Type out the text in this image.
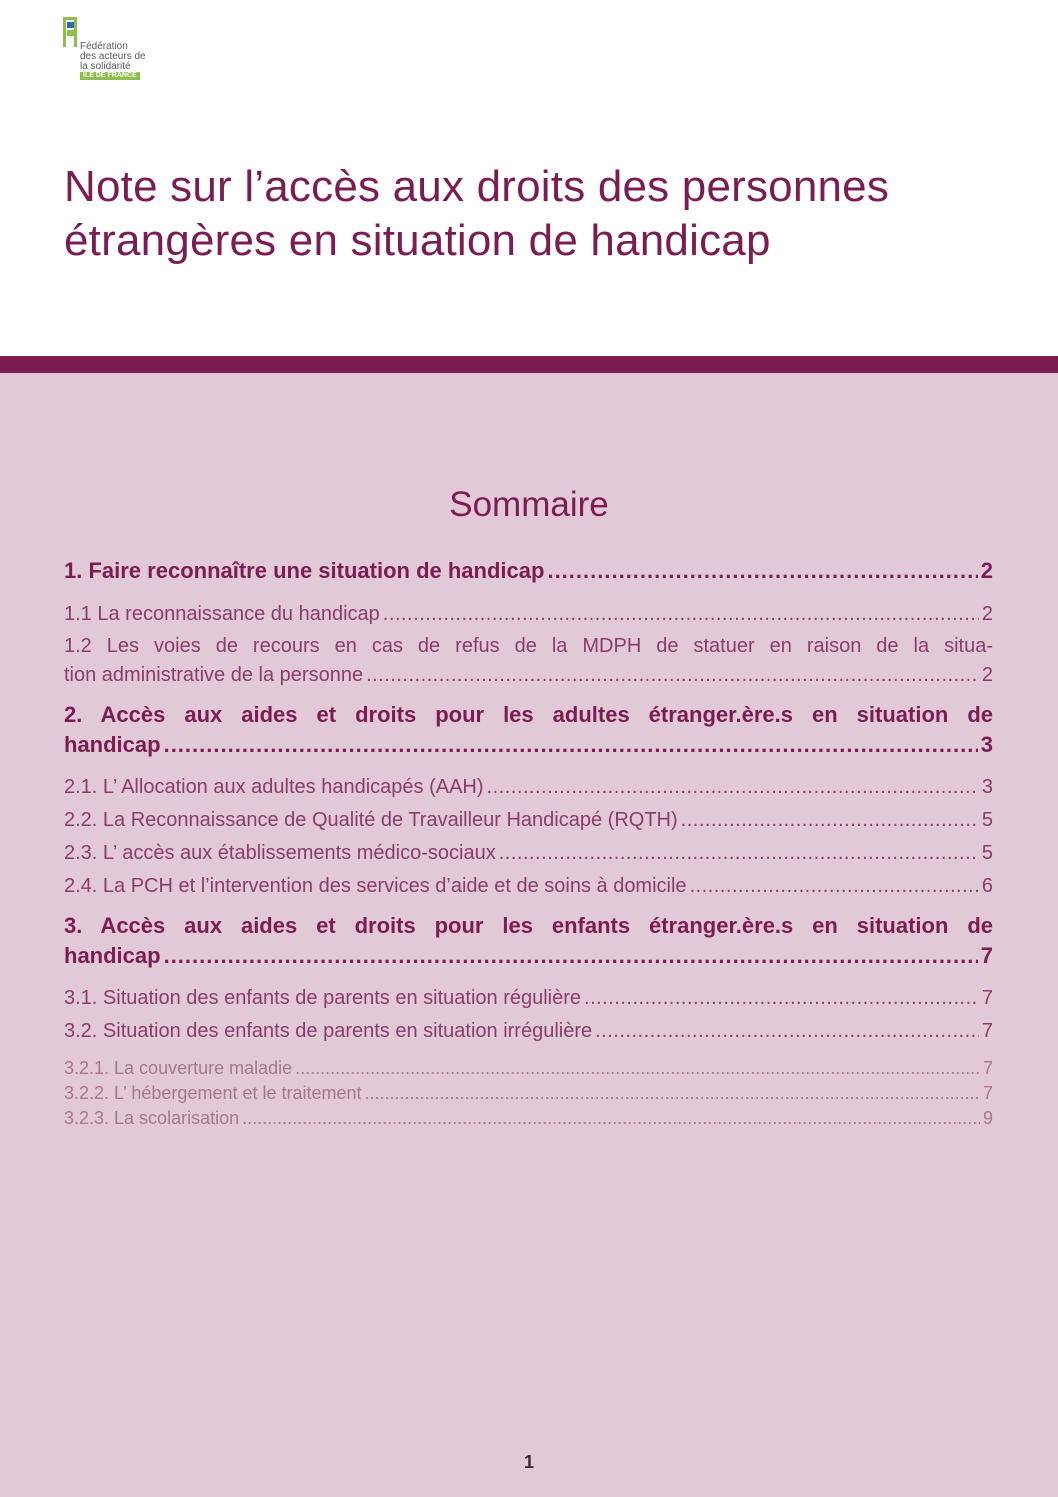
Fédération
des acteurs de
la solidarité
ILE DE FRANCE
Note sur l’accès aux droits des personnes
étrangères en situation de handicap
Sommaire
1. Faire reconnaître une situation de handicap .....	2
1.1 La reconnaissance du handicap .....	2
1.2 Les voies de recours en cas de refus de la MDPH de statuer en raison de la situa-
tion administrative de la personne .....	2
2. Accès aux aides et droits pour les adultes étranger.ère.s en situation de
handicap .....	3
2.1. L’ Allocation aux adultes handicapés (AAH) .....	3
2.2. La Reconnaissance de Qualité de Travailleur Handicapé (RQTH) .....	5
2.3. L’ accès aux établissements médico-sociaux .....	5
2.4. La PCH et l’intervention des services d’aide et de soins à domicile .....	6
3. Accès aux aides et droits pour les enfants étranger.ère.s en situation de
handicap .....	7
3.1. Situation des enfants de parents en situation régulière .....	7
3.2. Situation des enfants de parents en situation irrégulière .....	7
3.2.1. La couverture maladie .....	7
3.2.2. L’ hébergement et le traitement .....	7
3.2.3. La scolarisation .....	9
1
